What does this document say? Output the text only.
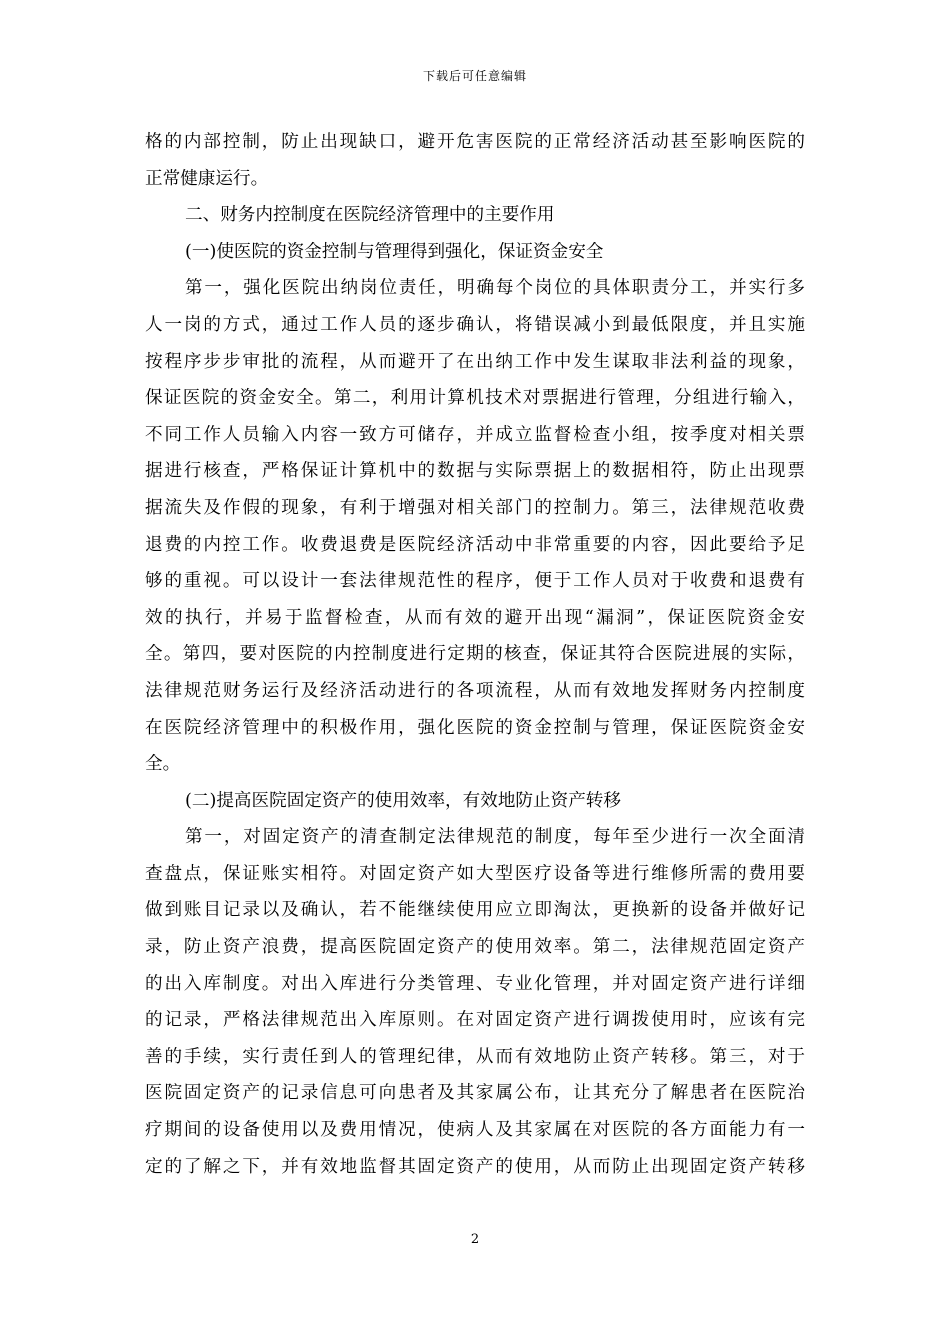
下载后可任意编辑
格的内部控制，防止出现缺口，避开危害医院的正常经济活动甚至影响医院的
正常健康运行。
二、财务内控制度在医院经济管理中的主要作用
(一)使医院的资金控制与管理得到强化，保证资金安全
第一，强化医院出纳岗位责任，明确每个岗位的具体职责分工，并实行多
人一岗的方式，通过工作人员的逐步确认，将错误减小到最低限度，并且实施
按程序步步审批的流程，从而避开了在出纳工作中发生谋取非法利益的现象，
保证医院的资金安全。第二，利用计算机技术对票据进行管理，分组进行输入，
不同工作人员输入内容一致方可储存，并成立监督检查小组，按季度对相关票
据进行核查，严格保证计算机中的数据与实际票据上的数据相符，防止出现票
据流失及作假的现象，有利于增强对相关部门的控制力。第三，法律规范收费
退费的内控工作。收费退费是医院经济活动中非常重要的内容，因此要给予足
够的重视。可以设计一套法律规范性的程序，便于工作人员对于收费和退费有
效的执行，并易于监督检查，从而有效的避开出现“漏洞”，保证医院资金安
全。第四，要对医院的内控制度进行定期的核查，保证其符合医院进展的实际，
法律规范财务运行及经济活动进行的各项流程，从而有效地发挥财务内控制度
在医院经济管理中的积极作用，强化医院的资金控制与管理，保证医院资金安
全。
(二)提高医院固定资产的使用效率，有效地防止资产转移
第一，对固定资产的清查制定法律规范的制度，每年至少进行一次全面清
查盘点，保证账实相符。对固定资产如大型医疗设备等进行维修所需的费用要
做到账目记录以及确认，若不能继续使用应立即淘汰，更换新的设备并做好记
录，防止资产浪费，提高医院固定资产的使用效率。第二，法律规范固定资产
的出入库制度。对出入库进行分类管理、专业化管理，并对固定资产进行详细
的记录，严格法律规范出入库原则。在对固定资产进行调拨使用时，应该有完
善的手续，实行责任到人的管理纪律，从而有效地防止资产转移。第三，对于
医院固定资产的记录信息可向患者及其家属公布，让其充分了解患者在医院治
疗期间的设备使用以及费用情况，使病人及其家属在对医院的各方面能力有一
定的了解之下，并有效地监督其固定资产的使用，从而防止出现固定资产转移
2
